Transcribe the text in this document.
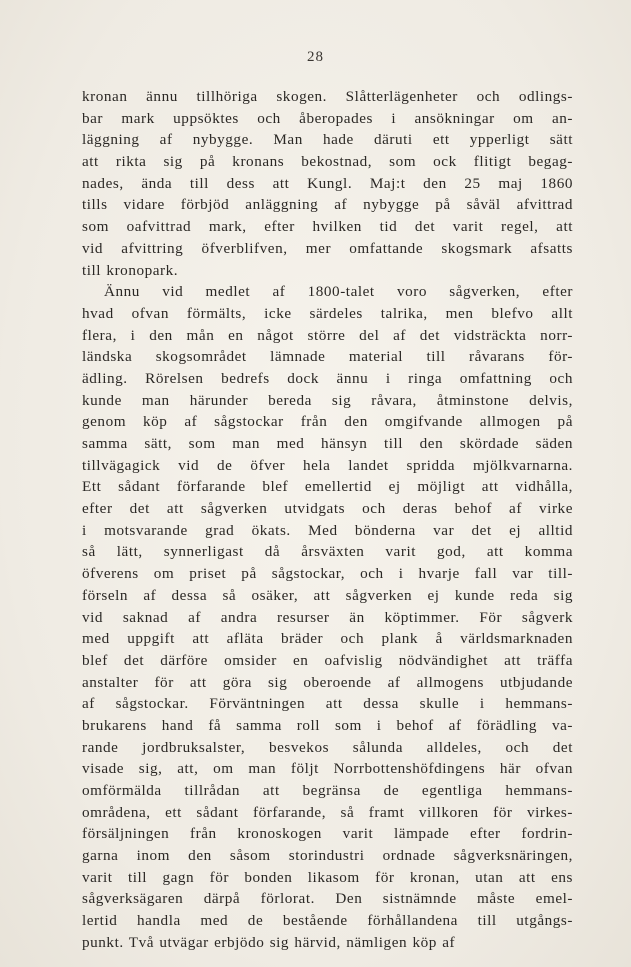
28
kronan ännu tillhöriga skogen. Slåtterlägenheter och odlings-
bar mark uppsöktes och åberopades i ansökningar om an-
läggning af nybygge. Man hade däruti ett ypperligt sätt
att rikta sig på kronans bekostnad, som ock flitigt begag-
nades, ända till dess att Kungl. Maj:t den 25 maj 1860
tills vidare förbjöd anläggning af nybygge på såväl afvittrad
som oafvittrad mark, efter hvilken tid det varit regel, att
vid afvittring öfverblifven, mer omfattande skogsmark afsatts
till kronopark.
Ännu vid medlet af 1800-talet voro sågverken, efter
hvad ofvan förmälts, icke särdeles talrika, men blefvo allt
flera, i den mån en något större del af det vidsträckta norr-
ländska skogsområdet lämnade material till råvarans för-
ädling. Rörelsen bedrefs dock ännu i ringa omfattning och
kunde man härunder bereda sig råvara, åtminstone delvis,
genom köp af sågstockar från den omgifvande allmogen på
samma sätt, som man med hänsyn till den skördade säden
tillvägagick vid de öfver hela landet spridda mjölkvarnarna.
Ett sådant förfarande blef emellertid ej möjligt att vidhålla,
efter det att sågverken utvidgats och deras behof af virke
i motsvarande grad ökats. Med bönderna var det ej alltid
så lätt, synnerligast då årsväxten varit god, att komma
öfverens om priset på sågstockar, och i hvarje fall var till-
förseln af dessa så osäker, att sågverken ej kunde reda sig
vid saknad af andra resurser än köptimmer. För sågverk
med uppgift att afläta bräder och plank å världsmarknaden
blef det därföre omsider en oafvislig nödvändighet att träffa
anstalter för att göra sig oberoende af allmogens utbjudande
af sågstockar. Förväntningen att dessa skulle i hemmans-
brukarens hand få samma roll som i behof af förädling va-
rande jordbruksalster, besvekos sålunda alldeles, och det
visade sig, att, om man följt Norrbottenshöfdingens här ofvan
omförmälda tillrådan att begränsa de egentliga hemmans-
områdena, ett sådant förfarande, så framt villkoren för virkes-
försäljningen från kronoskogen varit lämpade efter fordrin-
garna inom den såsom storindustri ordnade sågverksnäringen,
varit till gagn för bonden likasom för kronan, utan att ens
sågverksägaren därpå förlorat. Den sistnämnde måste emel-
lertid handla med de bestående förhållandena till utgångs-
punkt. Två utvägar erbjödo sig härvid, nämligen köp af
